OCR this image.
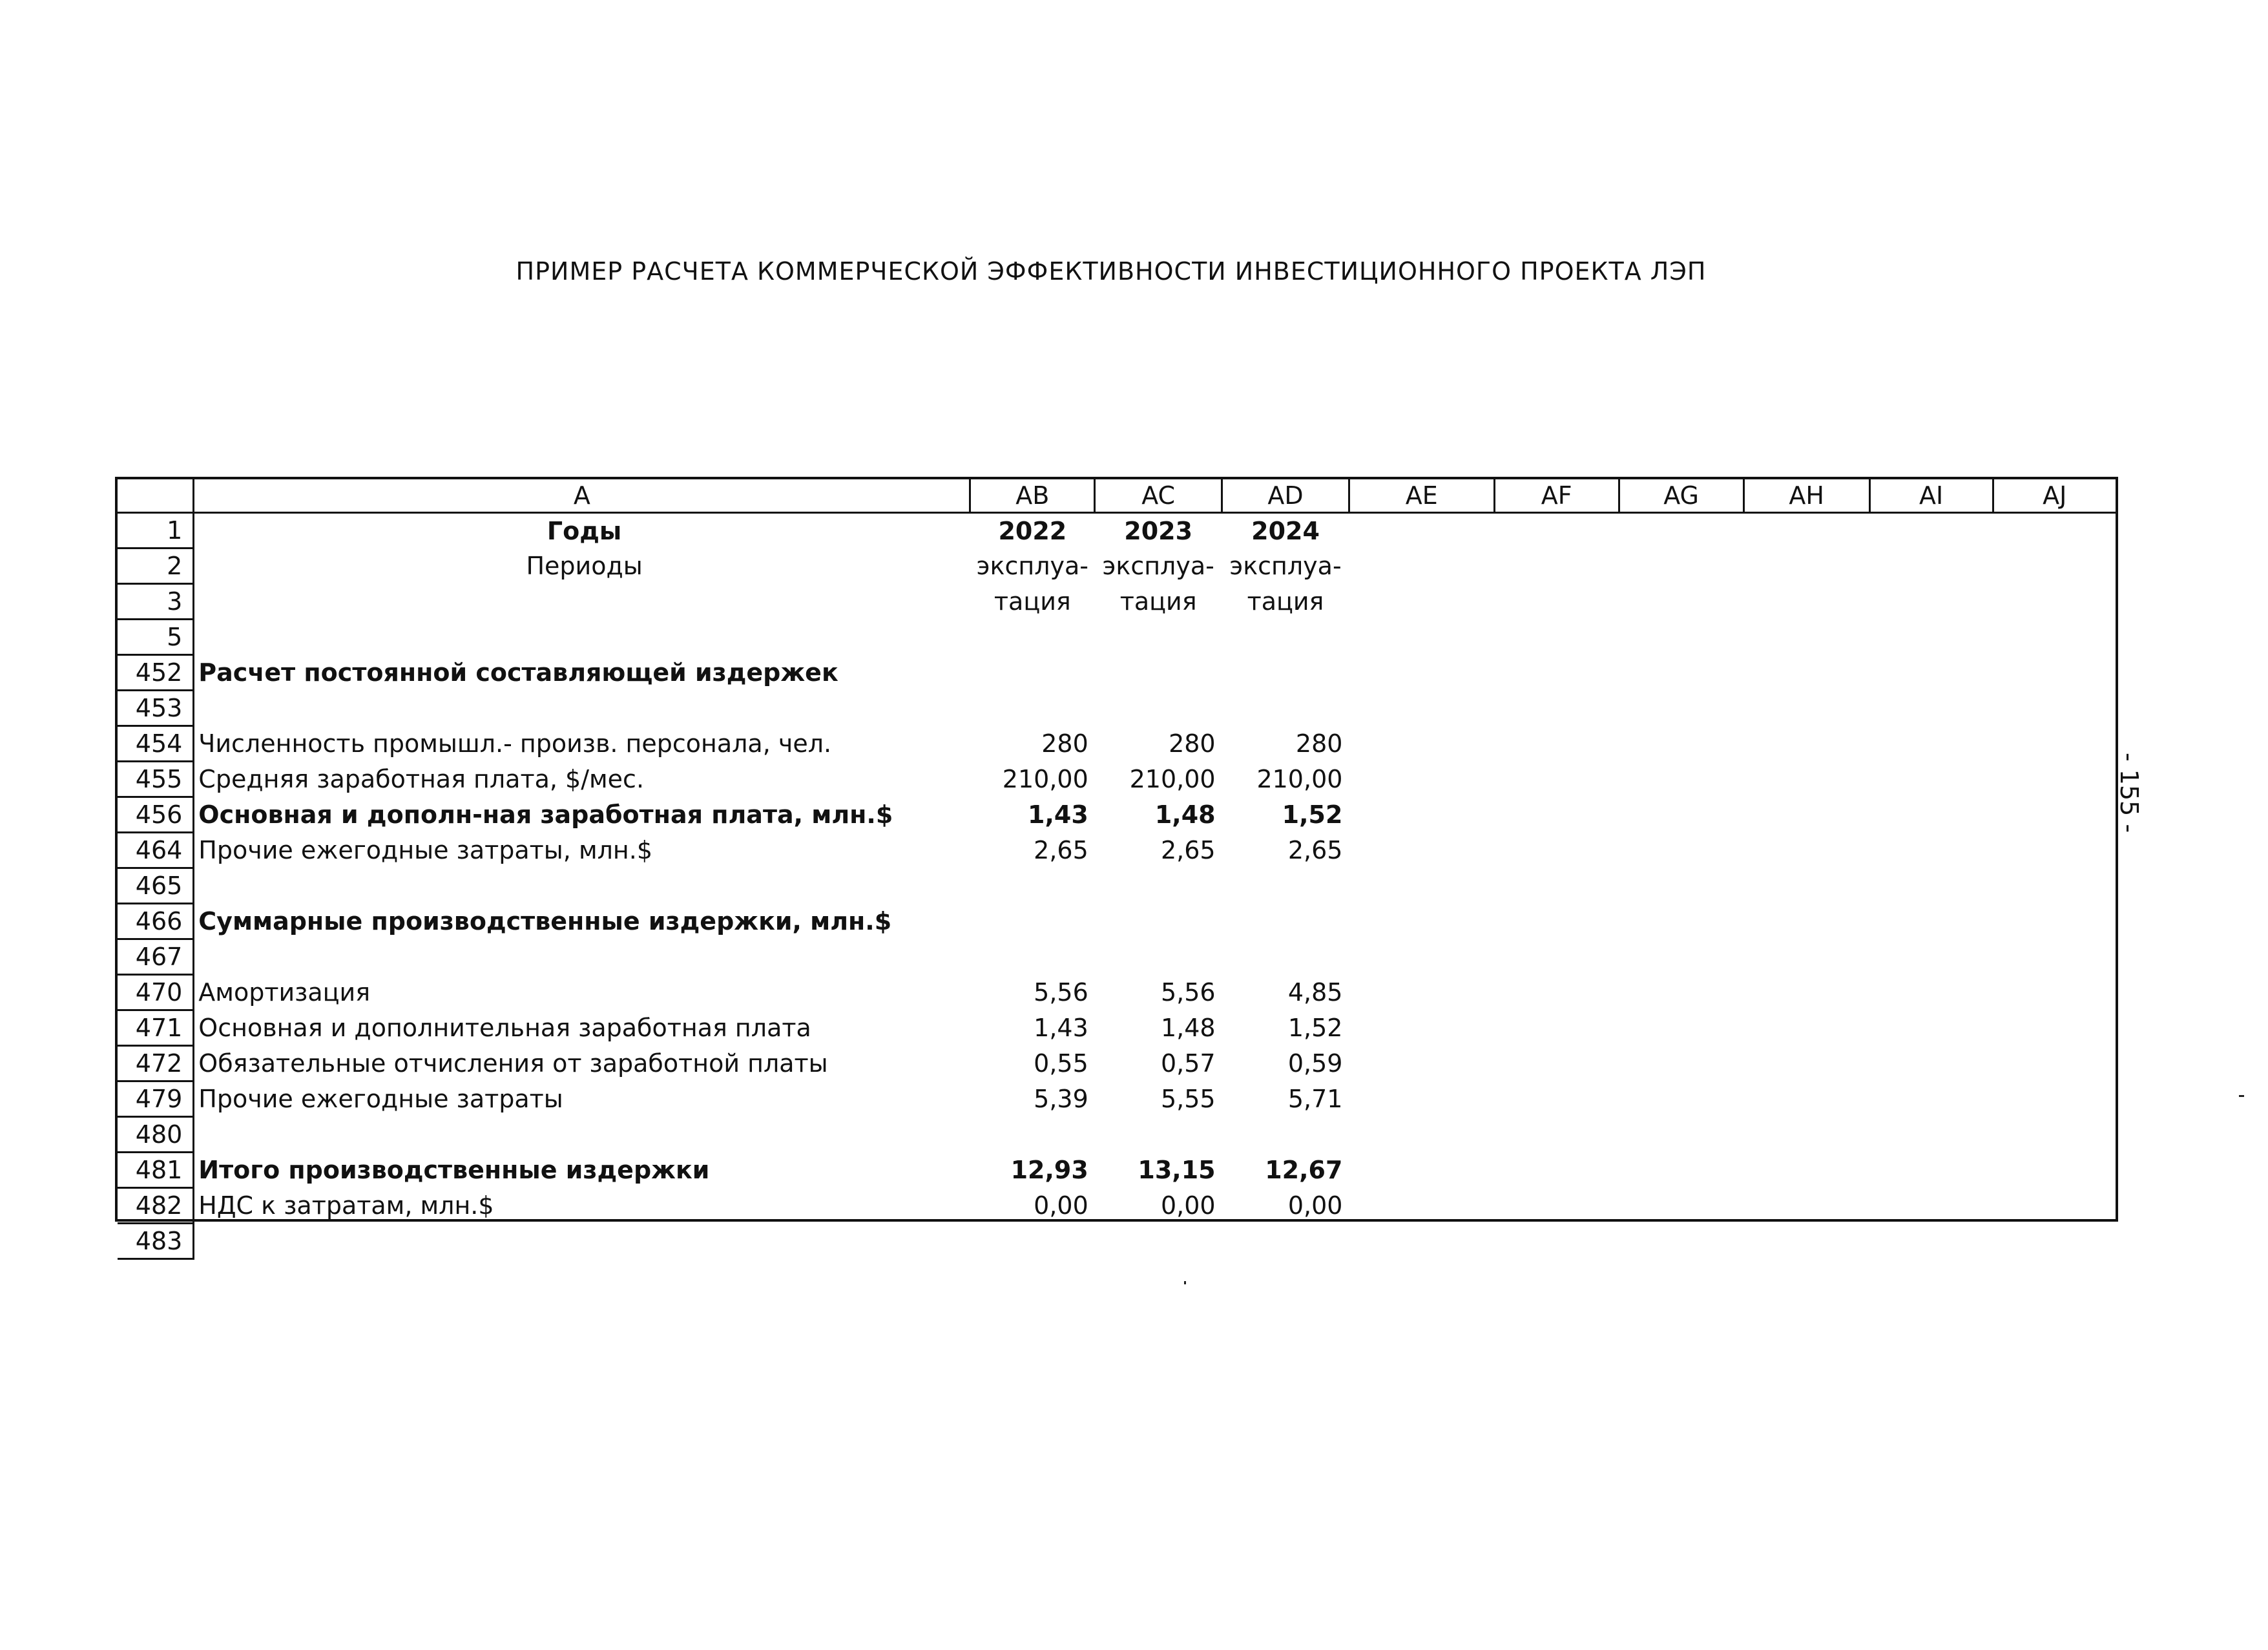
ПРИМЕР РАСЧЕТА КОММЕРЧЕСКОЙ ЭФФЕКТИВНОСТИ ИНВЕСТИЦИОННОГО ПРОЕКТА ЛЭП
	A	AB	AC	AD	AE	AF	AG	AH	AI	AJ
1	Годы	2022	2023	2024						
2	Периоды	эксплуа-	эксплуа-	эксплуа-						
3		тация	тация	тация						
5										
452	Расчет постоянной составляющей издержек									
453										
454	Численность промышл.- произв. персонала, чел.	280	280	280						
455	Средняя заработная плата, $/мес.	210,00	210,00	210,00						
456	Основная и дополн-ная заработная плата, млн.$	1,43	1,48	1,52						
464	Прочие ежегодные затраты, млн.$	2,65	2,65	2,65						
465										
466	Суммарные производственные издержки, млн.$									
467										
470	Амортизация	5,56	5,56	4,85						
471	Основная и дополнительная заработная плата	1,43	1,48	1,52						
472	Обязательные отчисления от заработной платы	0,55	0,57	0,59						
479	Прочие ежегодные затраты	5,39	5,55	5,71						
480										
481	Итого производственные издержки	12,93	13,15	12,67						
482	НДС к затратам, млн.$	0,00	0,00	0,00						
483										
- 155 -
